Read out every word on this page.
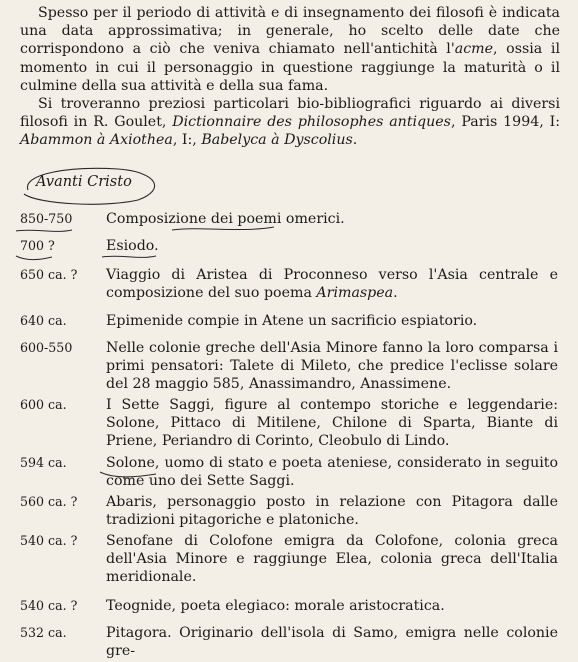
Spesso per il periodo di attività e di insegnamento dei filosofi è indicata una data approssimativa; in generale, ho scelto delle date che corrispondono a ciò che veniva chiamato nell'antichità l'acme, ossia il momento in cui il personaggio in questione raggiunge la maturità o il culmine della sua attività e della sua fama.

Si troveranno preziosi particolari bio-bibliografici riguardo ai diversi filosofi in R. Goulet, Dictionnaire des philosophes antiques, Paris 1994, I: Abammon à Axiothea, I:, Babelyca à Dyscolius.

Avanti Cristo
850-750	Composizione dei poemi omerici.
700 ?	Esiodo.
650 ca. ?	Viaggio di Aristea di Proconneso verso l'Asia centrale e composizione del suo poema Arimaspea.
640 ca.	Epimenide compie in Atene un sacrificio espiatorio.
600-550	Nelle colonie greche dell'Asia Minore fanno la loro comparsa i primi pensatori: Talete di Mileto, che predice l'eclisse solare del 28 maggio 585, Anassimandro, Anassimene.
600 ca.	I Sette Saggi, figure al contempo storiche e leggendarie: Solone, Pittaco di Mitilene, Chilone di Sparta, Biante di Priene, Periandro di Corinto, Cleobulo di Lindo.
594 ca.	Solone, uomo di stato e poeta ateniese, considerato in seguito come uno dei Sette Saggi.
560 ca. ?	Abaris, personaggio posto in relazione con Pitagora dalle tradizioni pitagoriche e platoniche.
540 ca. ?	Senofane di Colofone emigra da Colofone, colonia greca dell'Asia Minore e raggiunge Elea, colonia greca dell'Italia meridionale.
540 ca. ?	Teognide, poeta elegiaco: morale aristocratica.
532 ca.	Pitagora. Originario dell'isola di Samo, emigra nelle colonie gre-
